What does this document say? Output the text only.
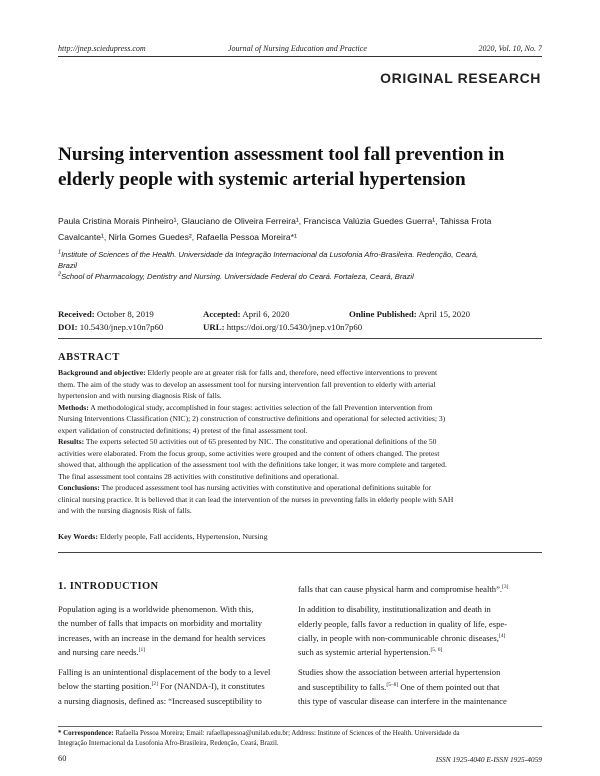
http://jnep.sciedupress.com	Journal of Nursing Education and Practice	2020, Vol. 10, No. 7
ORIGINAL RESEARCH
Nursing intervention assessment tool fall prevention in
elderly people with systemic arterial hypertension
Paula Cristina Morais Pinheiro¹, Glauciano de Oliveira Ferreira¹, Francisca Valúzia Guedes Guerra¹, Tahissa Frota
Cavalcante¹, Nirla Gomes Guedes², Rafaella Pessoa Moreira*¹
$^1$Institute of Sciences of the Health. Universidade da Integração Internacional da Lusofonia Afro-Brasileira. Redenção, Ceará,
Brazil
$^2$School of Pharmacology, Dentistry and Nursing. Universidade Federal do Ceará. Fortaleza, Ceará, Brazil
Received: October 8, 2019	Accepted: April 6, 2020	Online Published: April 15, 2020
DOI: 10.5430/jnep.v10n7p60	URL: https://doi.org/10.5430/jnep.v10n7p60
ABSTRACT
Background and objective: Elderly people are at greater risk for falls and, therefore, need effective interventions to prevent
them. The aim of the study was to develop an assessment tool for nursing intervention fall prevention to elderly with arterial
hypertension and with nursing diagnosis Risk of falls.
Methods: A methodological study, accomplished in four stages: activities selection of the fall Prevention intervention from
Nursing Interventions Classification (NIC); 2) construction of constructive definitions and operational for selected activities; 3)
expert validation of constructed definitions; 4) pretest of the final assessment tool.
Results: The experts selected 50 activities out of 65 presented by NIC. The constitutive and operational definitions of the 50
activities were elaborated. From the focus group, some activities were grouped and the content of others changed. The pretest
showed that, although the application of the assessment tool with the definitions take longer, it was more complete and targeted.
The final assessment tool contains 28 activities with constitutive definitions and operational.
Conclusions: The produced assessment tool has nursing activities with constitutive and operational definitions suitable for
clinical nursing practice. It is believed that it can lead the intervention of the nurses in preventing falls in elderly people with SAH
and with the nursing diagnosis Risk of falls.
Key Words: Elderly people, Fall accidents, Hypertension, Nursing
1. INTRODUCTION
Population aging is a worldwide phenomenon. With this,
the number of falls that impacts on morbidity and mortality
increases, with an increase in the demand for health services
and nursing care needs.[1]
Falling is an unintentional displacement of the body to a level
below the starting position.[2] For (NANDA-I), it constitutes
a nursing diagnosis, defined as: “Increased susceptibility to
falls that can cause physical harm and compromise health”.[3]
In addition to disability, institutionalization and death in
elderly people, falls favor a reduction in quality of life, espe-
cially, in people with non-communicable chronic diseases,[4]
such as systemic arterial hypertension.[5, 6]
Studies show the association between arterial hypertension
and susceptibility to falls.[5–8] One of them pointed out that
this type of vascular disease can interfere in the maintenance
* Correspondence: Rafaella Pessoa Moreira; Email: rafaellapessoa@unilab.edu.br; Address: Institute of Sciences of the Health. Universidade da
Integração Internacional da Lusofonia Afro-Brasileira, Redenção, Ceará, Brazil.
60	ISSN 1925-4040 E-ISSN 1925-4059
